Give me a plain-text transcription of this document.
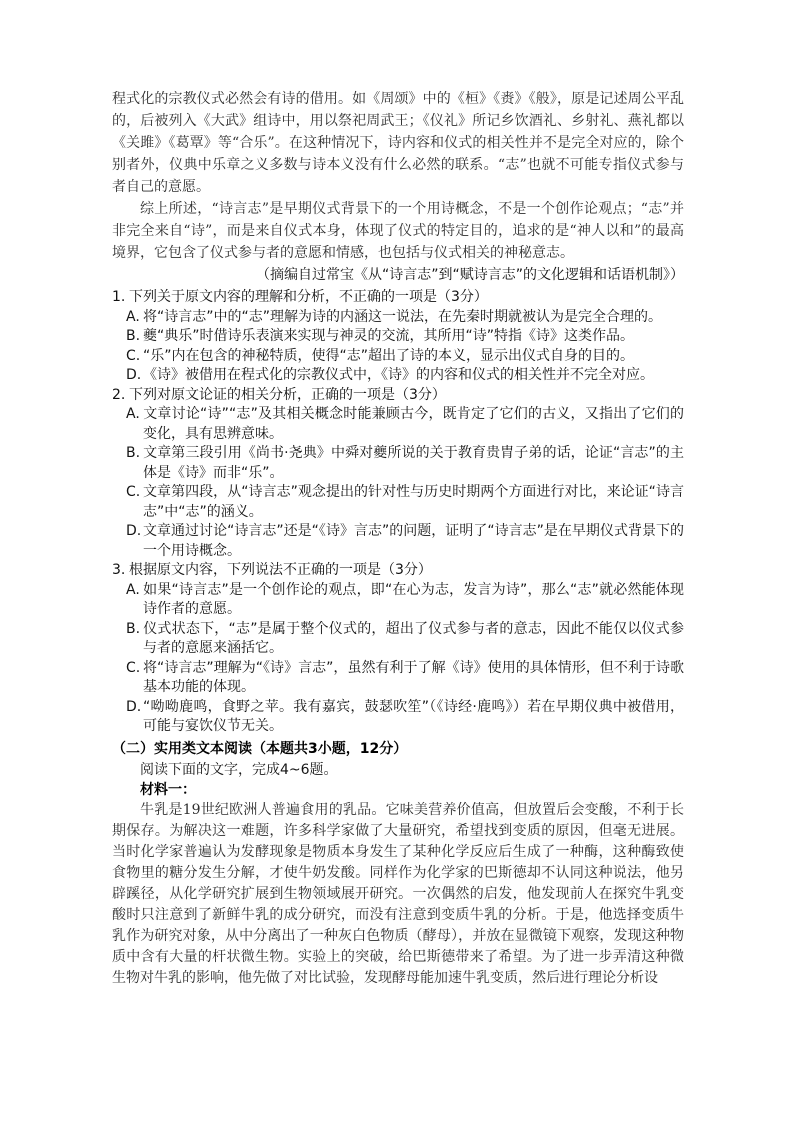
程式化的宗教仪式必然会有诗的借用。如《周颂》中的《桓》《赉》《般》，原是记述周公平乱的，后被列入《大武》组诗中，用以祭祀周武王；《仪礼》所记乡饮酒礼、乡射礼、燕礼都以《关雎》《葛覃》等“合乐”。在这种情况下，诗内容和仪式的相关性并不是完全对应的，除个别者外，仪典中乐章之义多数与诗本义没有什么必然的联系。“志”也就不可能专指仪式参与者自己的意愿。

综上所述，“诗言志”是早期仪式背景下的一个用诗概念，不是一个创作论观点；“志”并非完全来自“诗”，而是来自仪式本身，体现了仪式的特定目的，追求的是“神人以和”的最高境界，它包含了仪式参与者的意愿和情感，也包括与仪式相关的神秘意志。

（摘编自过常宝《从“诗言志”到“赋诗言志”的文化逻辑和话语机制》）

1. 下列关于原文内容的理解和分析，不正确的一项是（3分）

A. 将“诗言志”中的“志”理解为诗的内涵这一说法，在先秦时期就被认为是完全合理的。

B. 夔“典乐”时借诗乐表演来实现与神灵的交流，其所用“诗”特指《诗》这类作品。

C. “乐”内在包含的神秘特质，使得“志”超出了诗的本义，显示出仪式自身的目的。

D. 《诗》被借用在程式化的宗教仪式中，《诗》的内容和仪式的相关性并不完全对应。

2. 下列对原文论证的相关分析，正确的一项是（3分）

A. 文章讨论“诗”“志”及其相关概念时能兼顾古今，既肯定了它们的古义，又指出了它们的变化，具有思辨意味。

B. 文章第三段引用《尚书·尧典》中舜对夔所说的关于教育贵胄子弟的话，论证“言志”的主体是《诗》而非“乐”。

C. 文章第四段，从“诗言志”观念提出的针对性与历史时期两个方面进行对比，来论证“诗言志”中“志”的涵义。

D. 文章通过讨论“诗言志”还是“《诗》言志”的问题，证明了“诗言志”是在早期仪式背景下的一个用诗概念。

3. 根据原文内容，下列说法不正确的一项是（3分）

A. 如果“诗言志”是一个创作论的观点，即“在心为志，发言为诗”，那么“志”就必然能体现诗作者的意愿。

B. 仪式状态下，“志”是属于整个仪式的，超出了仪式参与者的意志，因此不能仅以仪式参与者的意愿来涵括它。

C. 将“诗言志”理解为“《诗》言志”，虽然有利于了解《诗》使用的具体情形，但不利于诗歌基本功能的体现。

D. “呦呦鹿鸣，食野之苹。我有嘉宾，鼓瑟吹笙”（《诗经·鹿鸣》）若在早期仪典中被借用，可能与宴饮仪节无关。

（二）实用类文本阅读（本题共3小题，12分）

阅读下面的文字，完成4~6题。

材料一：

牛乳是19世纪欧洲人普遍食用的乳品。它味美营养价值高，但放置后会变酸，不利于长期保存。为解决这一难题，许多科学家做了大量研究，希望找到变质的原因，但毫无进展。当时化学家普遍认为发酵现象是物质本身发生了某种化学反应后生成了一种酶，这种酶致使食物里的糖分发生分解，才使牛奶发酸。同样作为化学家的巴斯德却不认同这种说法，他另辟蹊径，从化学研究扩展到生物领域展开研究。一次偶然的启发，他发现前人在探究牛乳变酸时只注意到了新鲜牛乳的成分研究，而没有注意到变质牛乳的分析。于是，他选择变质牛乳作为研究对象，从中分离出了一种灰白色物质（酵母），并放在显微镜下观察，发现这种物质中含有大量的杆状微生物。实验上的突破，给巴斯德带来了希望。为了进一步弄清这种微生物对牛乳的影响，他先做了对比试验，发现酵母能加速牛乳变质，然后进行理论分析设
